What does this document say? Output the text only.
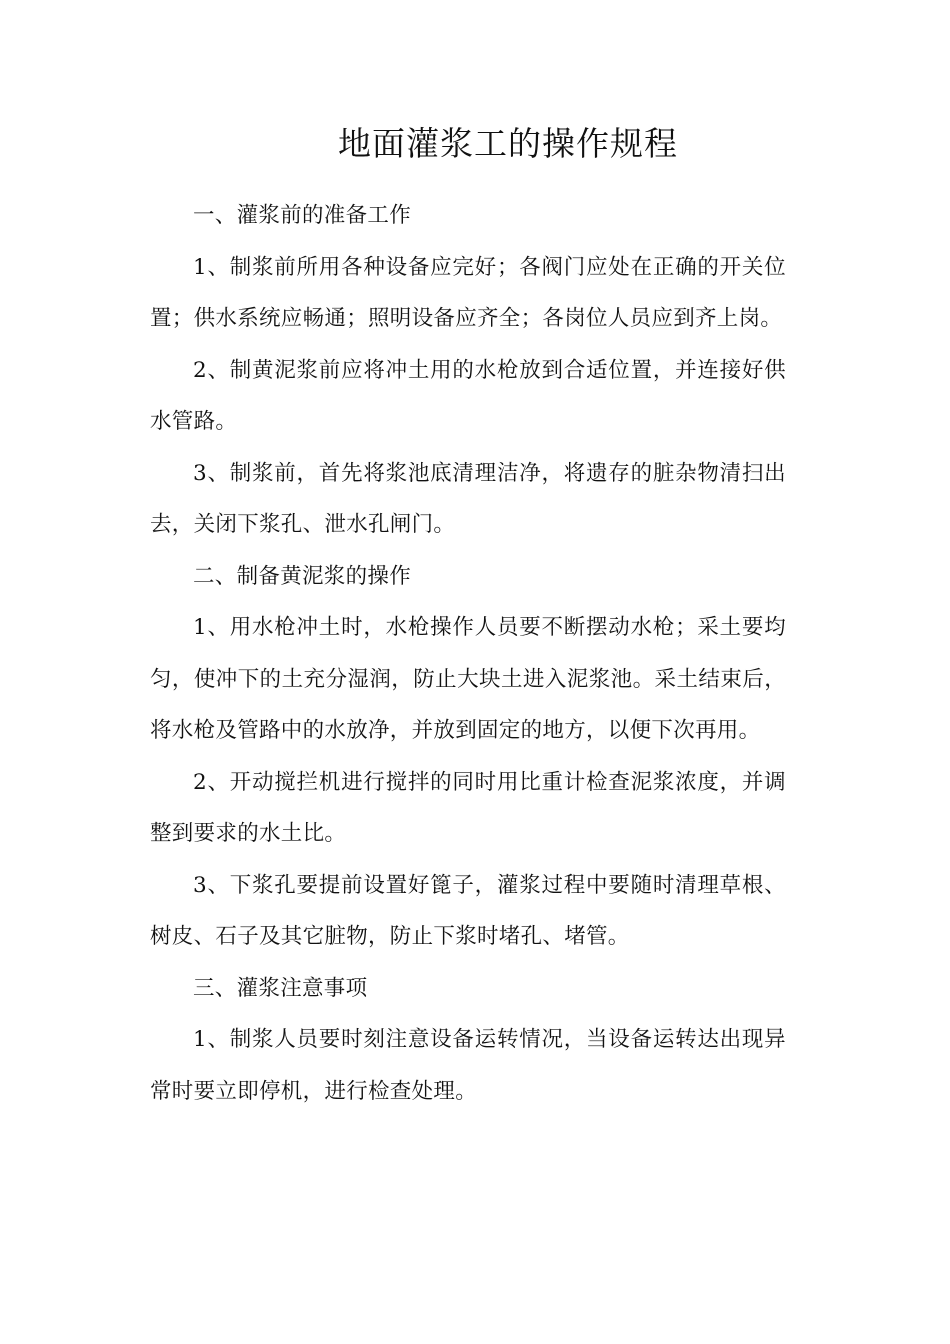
地面灌浆工的操作规程

一、灌浆前的准备工作

1、制浆前所用各种设备应完好；各阀门应处在正确的开关位置；供水系统应畅通；照明设备应齐全；各岗位人员应到齐上岗。

2、制黄泥浆前应将冲土用的水枪放到合适位置，并连接好供水管路。

3、制浆前，首先将浆池底清理洁净，将遗存的脏杂物清扫出去，关闭下浆孔、泄水孔闸门。

二、制备黄泥浆的操作

1、用水枪冲土时，水枪操作人员要不断摆动水枪；采土要均匀，使冲下的土充分湿润，防止大块土进入泥浆池。采土结束后，将水枪及管路中的水放净，并放到固定的地方，以便下次再用。

2、开动搅拦机进行搅拌的同时用比重计检查泥浆浓度，并调整到要求的水土比。

3、下浆孔要提前设置好篦子，灌浆过程中要随时清理草根、树皮、石子及其它脏物，防止下浆时堵孔、堵管。

三、灌浆注意事项

1、制浆人员要时刻注意设备运转情况，当设备运转达出现异常时要立即停机，进行检查处理。
